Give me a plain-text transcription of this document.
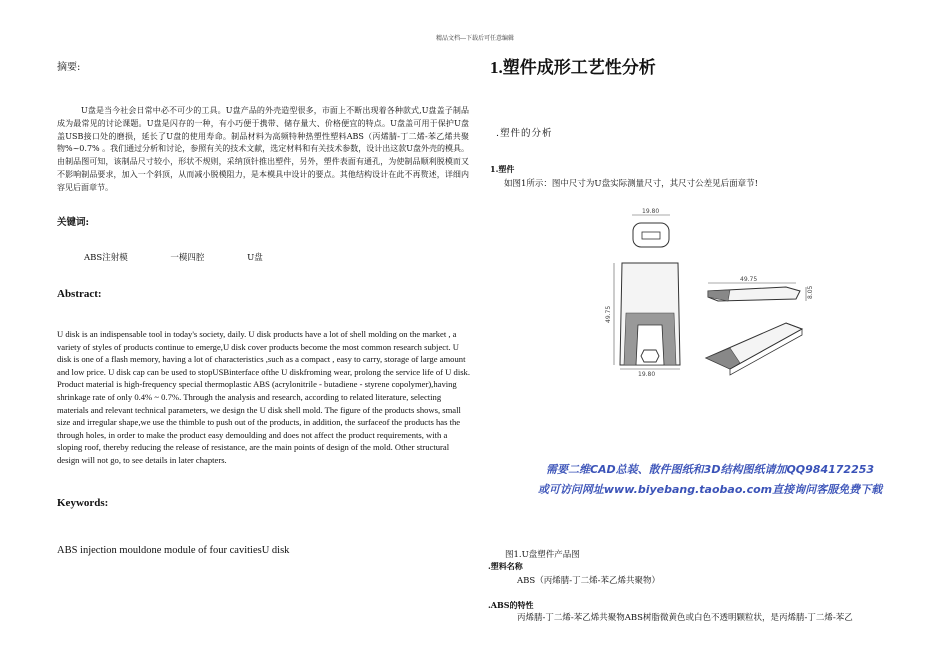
精品文档---下载后可任意编辑
摘要:
U盘是当今社会日常中必不可少的工具。U盘产品的外壳造型很多，市面上不断出现着各种款式,U盘盖子制品成为最常见的讨论课题。U盘是闪存的一种，有小巧便于携带、储存量大、价格便宜的特点。U盘盖可用于保护U盘盖USB接口处的磨损，延长了U盘的使用寿命。制品材料为高频特种热塑性塑料ABS（丙烯腈-丁二烯-苯乙烯共聚物%~0.7% 。我们通过分析和讨论，参照有关的技术文献，选定材料和有关技术参数，设计出这款U盘外壳的模具。由制品图可知，该制品尺寸较小，形状不规则，采纳顶针推出塑件，另外，塑件表面有通孔，为使制品顺利脱模而又不影响制品要求，加入一个斜顶，从而减小脱模阻力，是本模具中设计的要点。其他结构设计在此不再赘述，详细内容见后面章节。
关键词:
ABS注射模	一模四腔	U盘
Abstract:
U disk is an indispensable tool in today's society, daily. U disk products have a lot of shell molding on the market , a variety of styles of products continue to emerge,U disk cover products become the most common research subject. U disk is one of a flash memory, having a lot of characteristics ,such as a compact , easy to carry, storage of large amount and low price. U disk cap can be used to stopUSBinterface ofthe U diskfroming wear, prolong the service life of U disk. Product material is high-frequency special thermoplastic ABS (acrylonitrile - butadiene - styrene copolymer),having shrinkage rate of only 0.4% ~ 0.7%. Through the analysis and research, according to related literature, selecting materials and relevant technical parameters, we design the U disk shell mold. The figure of the products shows, small size and irregular shape,we use the thimble to push out of the products, in addition, the surfaceof the products has the through holes, in order to make the product easy demoulding and does not affect the product requirements, with a sloping roof, thereby reducing the release of resistance, are the main points of design of the mold. Other structural design will not go, to see details in later chapters.
Keywords:
ABS injection mouldone module of four cavitiesU disk
1.塑件成形工艺性分析
.塑件的分析
1.塑件
如图1所示：图中尺寸为U盘实际测量尺寸，其尺寸公差见后面章节!
19.80
19.80
49.75
49.75
8.05
需要二维CAD总装、散件图纸和3D结构图纸请加QQ984172253
或可访问网址www.biyebang.taobao.com直接询问客服免费下载
图1.U盘塑件产品图
.塑料名称
ABS（丙烯腈-丁二烯-苯乙烯共聚物）
.ABS的特性
丙烯腈-丁二烯-苯乙烯共聚物ABS树脂微黄色或白色不透明颗粒状，是丙烯腈-丁二烯-苯乙
